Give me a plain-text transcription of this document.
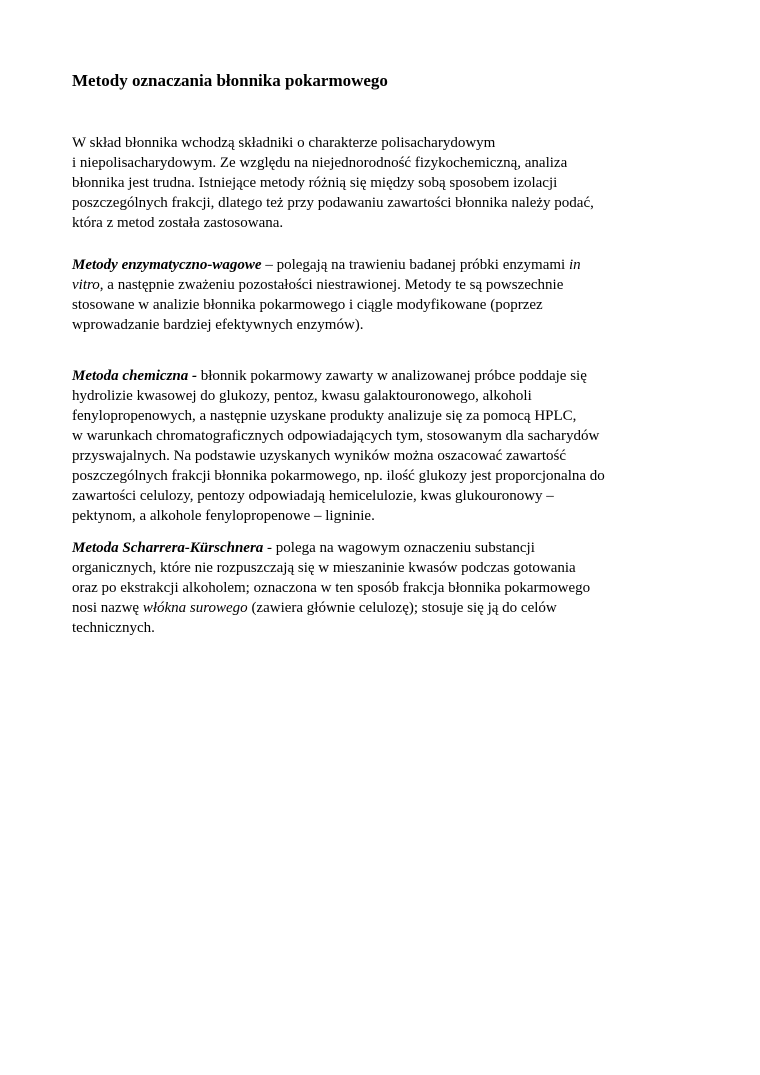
Metody oznaczania błonnika pokarmowego
W skład błonnika wchodzą składniki o charakterze polisacharydowym
i niepolisacharydowym. Ze względu na niejednorodność fizykochemiczną, analiza
błonnika jest trudna. Istniejące metody różnią się między sobą sposobem izolacji
poszczególnych frakcji, dlatego też przy podawaniu zawartości błonnika należy podać,
która z metod została zastosowana.
Metody enzymatyczno-wagowe – polegają na trawieniu badanej próbki enzymami in
vitro, a następnie zważeniu pozostałości niestrawionej. Metody te są powszechnie
stosowane w analizie błonnika pokarmowego i ciągle modyfikowane (poprzez
wprowadzanie bardziej efektywnych enzymów).
Metoda chemiczna - błonnik pokarmowy zawarty w analizowanej próbce poddaje się
hydrolizie kwasowej do glukozy, pentoz, kwasu galaktouronowego, alkoholi
fenylopropenowych, a następnie uzyskane produkty analizuje się za pomocą HPLC,
w warunkach chromatograficznych odpowiadających tym, stosowanym dla sacharydów
przyswajalnych. Na podstawie uzyskanych wyników można oszacować zawartość
poszczególnych frakcji błonnika pokarmowego, np. ilość glukozy jest proporcjonalna do
zawartości celulozy, pentozy odpowiadają hemicelulozie, kwas glukouronowy –
pektynom, a alkohole fenylopropenowe – ligninie.
Metoda Scharrera-Kürschnera - polega na wagowym oznaczeniu substancji
organicznych, które nie rozpuszczają się w mieszaninie kwasów podczas gotowania
oraz po ekstrakcji alkoholem; oznaczona w ten sposób frakcja błonnika pokarmowego
nosi nazwę włókna surowego (zawiera głównie celulozę); stosuje się ją do celów
technicznych.
